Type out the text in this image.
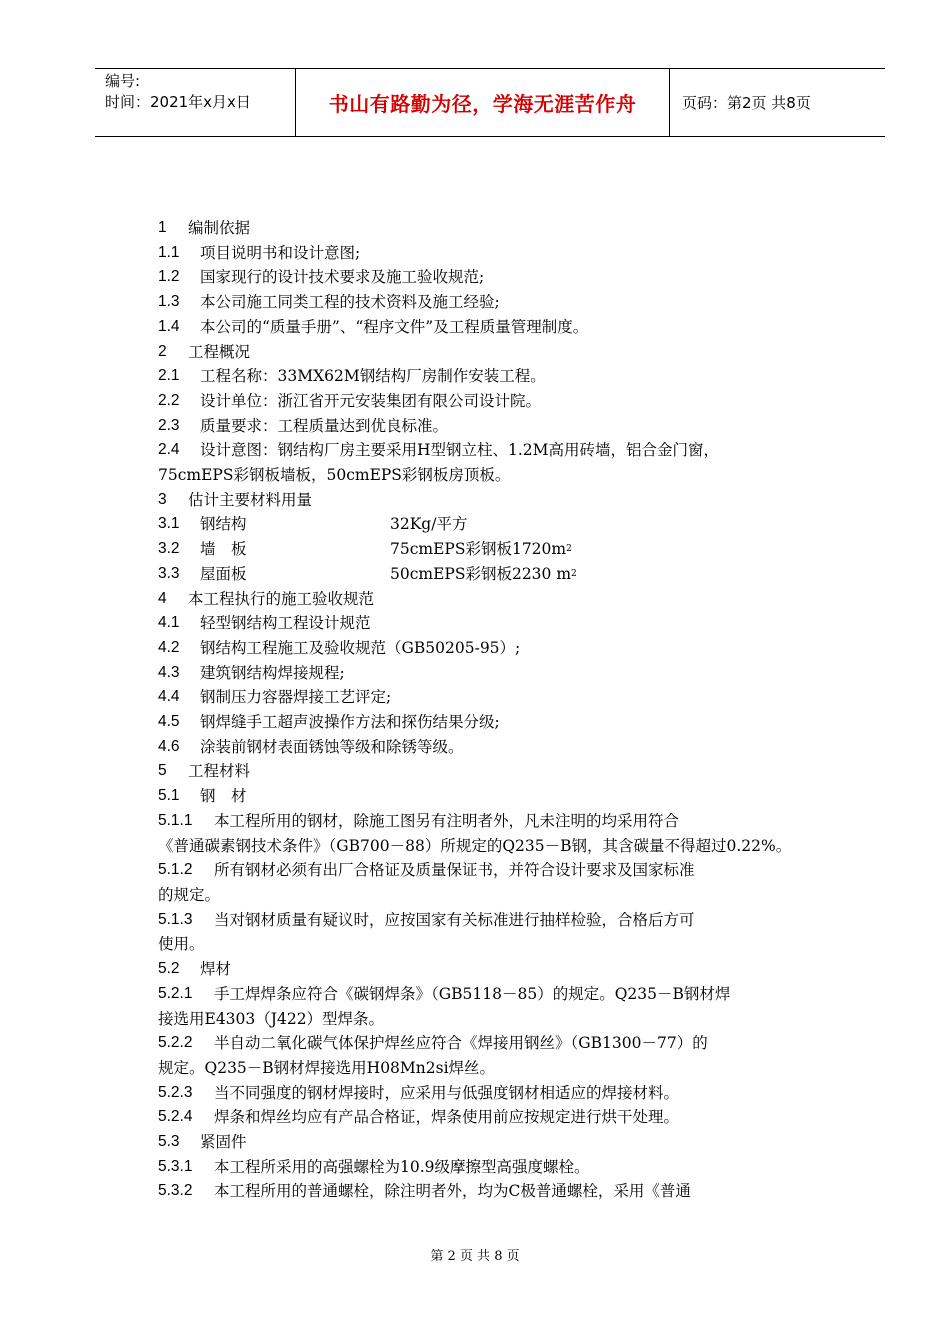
编号:
时间：2021年x月x日	书山有路勤为径，学海无涯苦作舟	页码：第2页 共8页
1	编制依据
1.1	项目说明书和设计意图;
1.2	国家现行的设计技术要求及施工验收规范;
1.3	本公司施工同类工程的技术资料及施工经验;
1.4	本公司的“质量手册”、“程序文件”及工程质量管理制度。
2	工程概况
2.1	工程名称：33MX62M钢结构厂房制作安装工程。
2.2	设计单位：浙江省开元安装集团有限公司设计院。
2.3	质量要求：工程质量达到优良标准。
2.4	设计意图：钢结构厂房主要采用H型钢立柱、1.2M高用砖墙，铝合金门窗，
75cmEPS彩钢板墙板，50cmEPS彩钢板房顶板。
3	估计主要材料用量
3.1	钢结构	32Kg/平方
3.2	墙　板	75cmEPS彩钢板1720m 2
3.3	屋面板	50cmEPS彩钢板2230 m 2
4	本工程执行的施工验收规范
4.1	轻型钢结构工程设计规范
4.2	钢结构工程施工及验收规范（GB50205-95）;
4.3	建筑钢结构焊接规程;
4.4	钢制压力容器焊接工艺评定;
4.5	钢焊缝手工超声波操作方法和探伤结果分级;
4.6	涂装前钢材表面锈蚀等级和除锈等级。
5	工程材料
5.1	钢　材
5.1.1	本工程所用的钢材，除施工图另有注明者外，凡未注明的均采用符合
《普通碳素钢技术条件》（GB700－88）所规定的Q235－B钢，其含碳量不得超过0.22%。
5.1.2	所有钢材必须有出厂合格证及质量保证书，并符合设计要求及国家标准
的规定。
5.1.3	当对钢材质量有疑议时，应按国家有关标准进行抽样检验，合格后方可
使用。
5.2	焊材
5.2.1	手工焊焊条应符合《碳钢焊条》（GB5118－85）的规定。Q235－B钢材焊
接选用E4303（J422）型焊条。
5.2.2	半自动二氧化碳气体保护焊丝应符合《焊接用钢丝》（GB1300－77）的
规定。Q235－B钢材焊接选用H08Mn2si焊丝。
5.2.3	当不同强度的钢材焊接时，应采用与低强度钢材相适应的焊接材料。
5.2.4	焊条和焊丝均应有产品合格证，焊条使用前应按规定进行烘干处理。
5.3	紧固件
5.3.1	本工程所采用的高强螺栓为10.9级摩擦型高强度螺栓。
5.3.2	本工程所用的普通螺栓，除注明者外，均为C极普通螺栓，采用《普通
第 2 页 共 8 页
